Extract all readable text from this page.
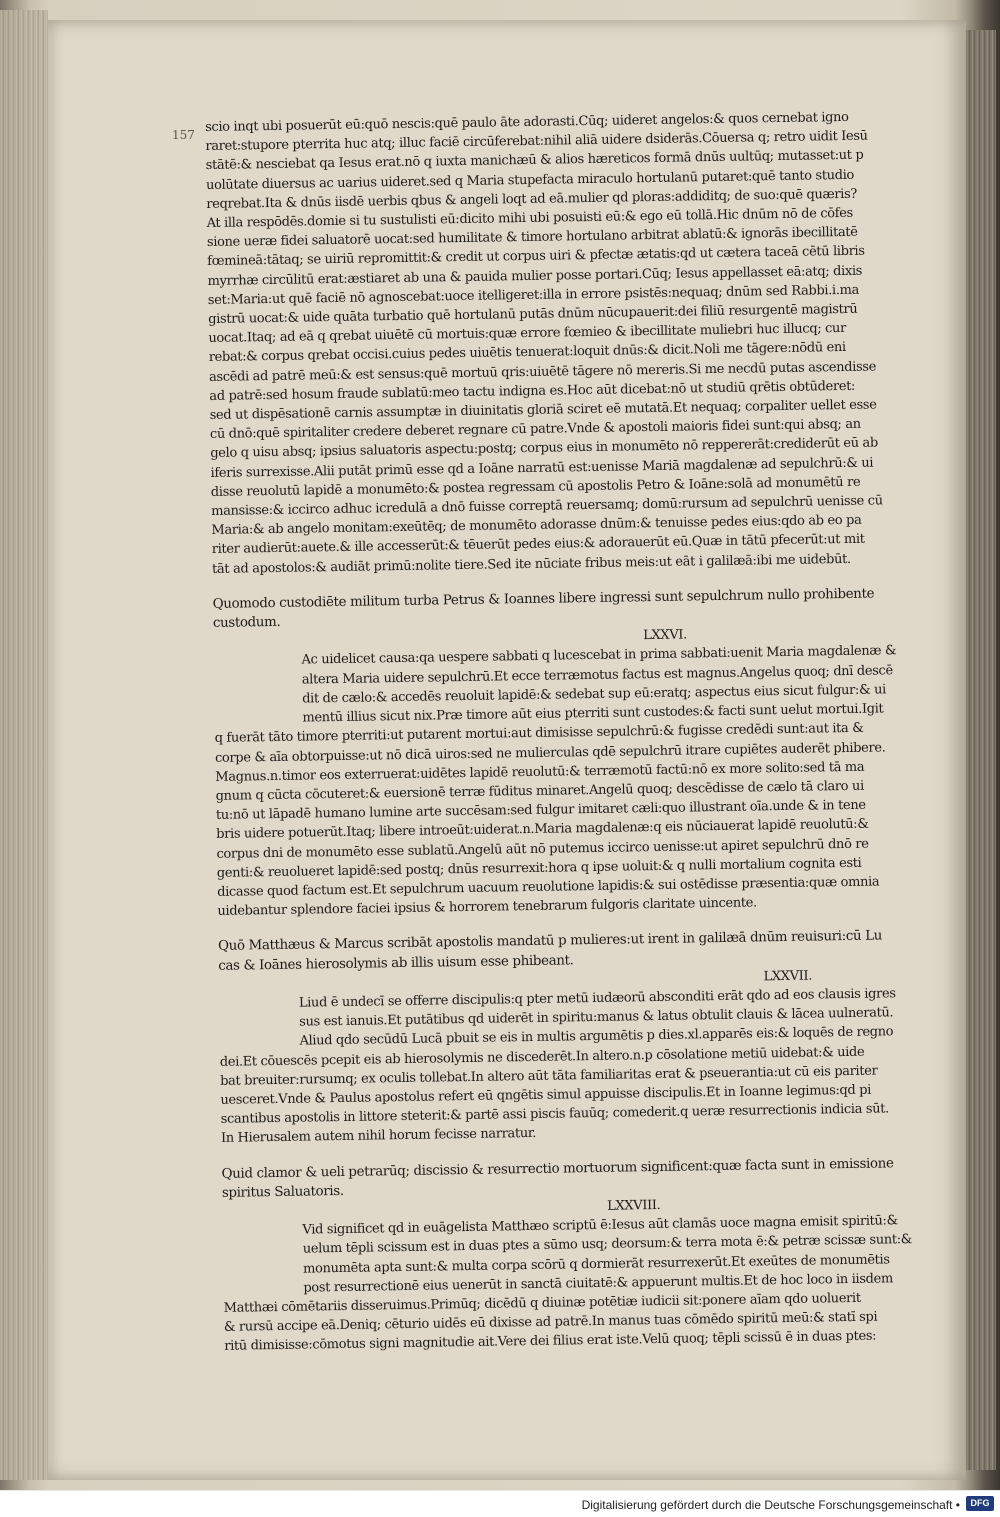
157

scio inqt ubi posuerūt eū:quō nescis:quē paulo āte adorasti.Cūq; uideret angelos:& quos cernebat igno

raret:stupore pterrita huc atq; illuc faciē circūferebat:nihil aliā uidere dsiderās.Cōuersa q; retro uidit Iesū

stātē:& nesciebat qa Iesus erat.nō q iuxta manichæū & alios hæreticos formā dnūs uultūq; mutasset:ut p

uolūtate diuersus ac uarius uideret.sed q Maria stupefacta miraculo hortulanū putaret:quē tanto studio

reqrebat.Ita & dnūs iisdē uerbis qbus & angeli loqt ad eā.mulier qd ploras:addiditq; de suo:quē quæris?

At illa respōdēs.domie si tu sustulisti eū:dicito mihi ubi posuisti eū:& ego eū tollā.Hic dnūm nō de cōfes

sione ueræ fidei saluatorē uocat:sed humilitate & timore hortulano arbitrat ablatū:& ignorās ibecillitatē

fœmineā:tātaq; se uiriū repromittit:& credit ut corpus uiri & pfectæ ætatis:qd ut cætera taceā cētū libris

myrrhæ circūlitū erat:æstiaret ab una & pauida mulier posse portari.Cūq; Iesus appellasset eā:atq; dixis

set:Maria:ut quē faciē nō agnoscebat:uoce itelligeret:illa in errore psistēs:nequaq; dnūm sed Rabbi.i.ma

gistrū uocat:& uide quāta turbatio quē hortulanū putās dnūm nūcupauerit:dei filiū resurgentē magistrū

uocat.Itaq; ad eā q qrebat uiuētē cū mortuis:quæ errore fœmieo & ibecillitate muliebri huc illucq; cur

rebat:& corpus qrebat occisi.cuius pedes uiuētis tenuerat:loquit dnūs:& dicit.Noli me tāgere:nōdū eni

ascēdi ad patrē meū:& est sensus:quē mortuū qris:uiuētē tāgere nō mereris.Si me necdū putas ascendisse

ad patrē:sed hosum fraude sublatū:meo tactu indigna es.Hoc aūt dicebat:nō ut studiū qrētis obtūderet:

sed ut dispēsationē carnis assumptæ in diuinitatis gloriā sciret eē mutatā.Et nequaq; corpaliter uellet esse

cū dnō:quē spiritaliter credere deberet regnare cū patre.Vnde & apostoli maioris fidei sunt:qui absq; an

gelo q uisu absq; ipsius saluatoris aspectu:postq; corpus eius in monumēto nō reppererāt:crediderūt eū ab

iferis surrexisse.Alii putāt primū esse qd a Ioāne narratū est:uenisse Mariā magdalenæ ad sepulchrū:& ui

disse reuolutū lapidē a monumēto:& postea regressam cū apostolis Petro & Ioāne:solā ad monumētū re

mansisse:& iccirco adhuc icredulā a dnō fuisse correptā reuersamq; domū:rursum ad sepulchrū uenisse cū

Maria:& ab angelo monitam:exeūtēq; de monumēto adorasse dnūm:& tenuisse pedes eius:qdo ab eo pa

riter audierūt:auete.& ille accesserūt:& tēuerūt pedes eius:& adorauerūt eū.Quæ in tātū pfecerūt:ut mit

tāt ad apostolos:& audiāt primū:nolite tiere.Sed ite nūciate fribus meis:ut eāt i galilæā:ibi me uidebūt.

Quomodo custodiēte militum turba Petrus & Ioannes libere ingressi sunt sepulchrum nullo prohibente

custodum.

LXXVI.

Ac uidelicet causa:qa uespere sabbati q lucescebat in prima sabbati:uenit Maria magdalenæ &

altera Maria uidere sepulchrū.Et ecce terræmotus factus est magnus.Angelus quoq; dnī descē

dit de cælo:& accedēs reuoluit lapidē:& sedebat sup eū:eratq; aspectus eius sicut fulgur:& ui

mentū illius sicut nix.Præ timore aūt eius pterriti sunt custodes:& facti sunt uelut mortui.Igit

q fuerāt tāto timore pterriti:ut putarent mortui:aut dimisisse sepulchrū:& fugisse credēdi sunt:aut ita &

corpe & aīa obtorpuisse:ut nō dicā uiros:sed ne mulierculas qdē sepulchrū itrare cupiētes auderēt phibere.

Magnus.n.timor eos exterruerat:uidētes lapidē reuolutū:& terræmotū factū:nō ex more solito:sed tā ma

gnum q cūcta cōcuteret:& euersionē terræ fūditus minaret.Angelū quoq; descēdisse de cælo tā claro ui

tu:nō ut lāpadē humano lumine arte succēsam:sed fulgur imitaret cæli:quo illustrant oīa.unde & in tene

bris uidere potuerūt.Itaq; libere introeūt:uiderat.n.Maria magdalenæ:q eis nūciauerat lapidē reuolutū:&

corpus dni de monumēto esse sublatū.Angelū aūt nō putemus iccirco uenisse:ut apiret sepulchrū dnō re

genti:& reuolueret lapidē:sed postq; dnūs resurrexit:hora q ipse uoluit:& q nulli mortalium cognita esti

dicasse quod factum est.Et sepulchrum uacuum reuolutione lapidis:& sui ostēdisse præsentia:quæ omnia

uidebantur splendore faciei ipsius & horrorem tenebrarum fulgoris claritate uincente.

Quō Matthæus & Marcus scribāt apostolis mandatū p mulieres:ut irent in galilæā dnūm reuisuri:cū Lu

cas & Ioānes hierosolymis ab illis uisum esse phibeant.

LXXVII.

Liud ē undecī se offerre discipulis:q pter metū iudæorū absconditi erāt qdo ad eos clausis igres

sus est ianuis.Et putātibus qd uiderēt in spiritu:manus & latus obtulit clauis & lācea uulneratū.

Aliud qdo secūdū Lucā pbuit se eis in multis argumētis p dies.xl.apparēs eis:& loquēs de regno

dei.Et cōuescēs pcepit eis ab hierosolymis ne discederēt.In altero.n.p cōsolatione metiū uidebat:& uide

bat breuiter:rursumq; ex oculis tollebat.In altero aūt tāta familiaritas erat & pseuerantia:ut cū eis pariter

uesceret.Vnde & Paulus apostolus refert eū qngētis simul appuisse discipulis.Et in Ioanne legimus:qd pi

scantibus apostolis in littore steterit:& partē assi piscis fauūq; comederit.q ueræ resurrectionis indicia sūt.

In Hierusalem autem nihil horum fecisse narratur.

Quid clamor & ueli petrarūq; discissio & resurrectio mortuorum significent:quæ facta sunt in emissione

spiritus Saluatoris.

LXXVIII.

Vid significet qd in euāgelista Matthæo scriptū ē:Iesus aūt clamās uoce magna emisit spiritū:&

uelum tēpli scissum est in duas ptes a sūmo usq; deorsum:& terra mota ē:& petræ scissæ sunt:&

monumēta apta sunt:& multa corpa scōrū q dormierāt resurrexerūt.Et exeūtes de monumētis

post resurrectionē eius uenerūt in sanctā ciuitatē:& appuerunt multis.Et de hoc loco in iisdem

Matthæi cōmētariis disseruimus.Primūq; dicēdū q diuinæ potētiæ iudicii sit:ponere aīam qdo uoluerit

& rursū accipe eā.Deniq; cēturio uidēs eū dixisse ad patrē.In manus tuas cōmēdo spiritū meū:& statī spi

ritū dimisisse:cōmotus signi magnitudie ait.Vere dei filius erat iste.Velū quoq; tēpli scissū ē in duas ptes:

Digitalisierung gefördert durch die Deutsche Forschungsgemeinschaft •	DFG
